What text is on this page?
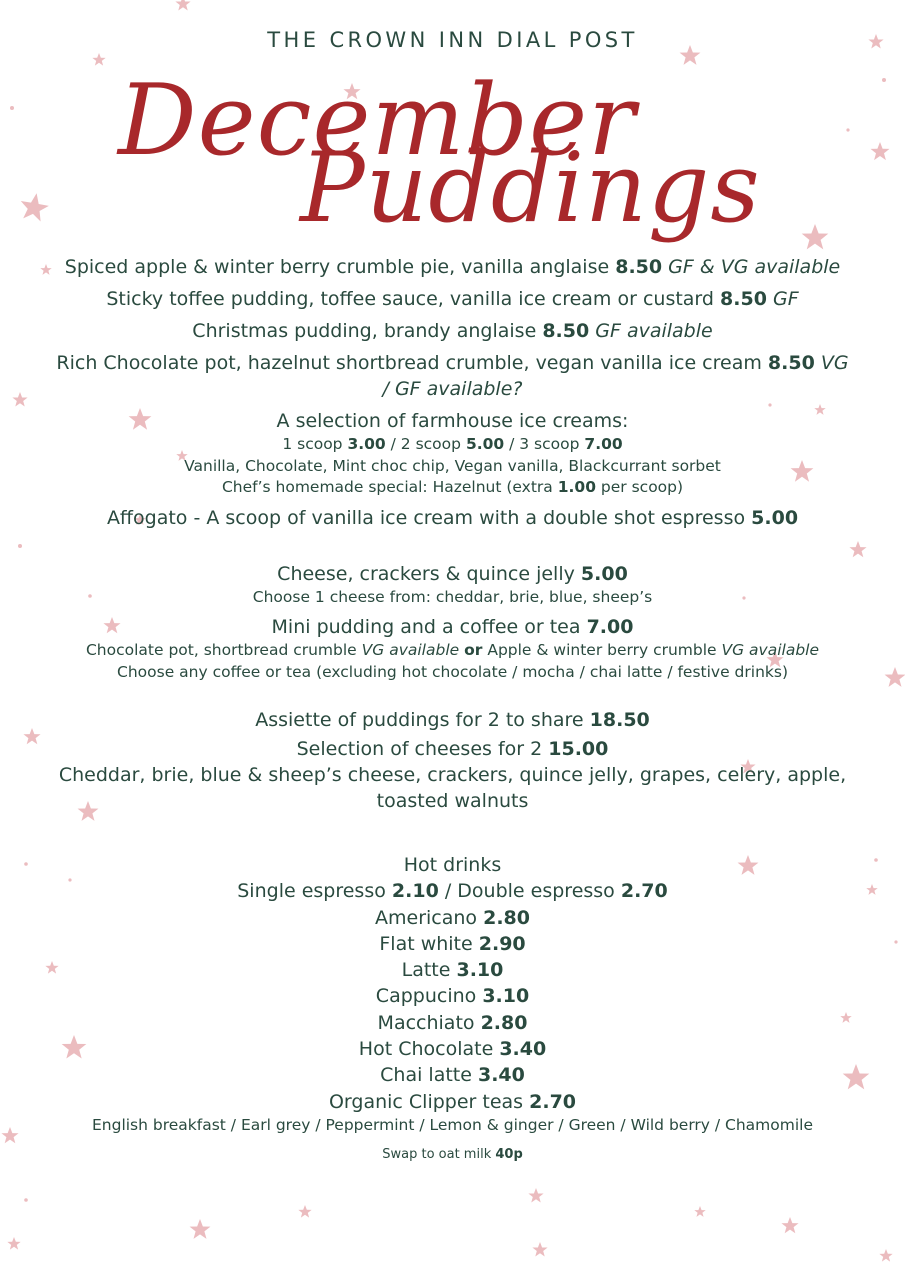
THE CROWN INN DIAL POST
December
Puddings
Spiced apple & winter berry crumble pie, vanilla anglaise 8.50 GF & VG available
Sticky toffee pudding, toffee sauce, vanilla ice cream or custard 8.50 GF
Christmas pudding, brandy anglaise 8.50 GF available
Rich Chocolate pot, hazelnut shortbread crumble, vegan vanilla ice cream 8.50 VG / GF available?
A selection of farmhouse ice creams:
1 scoop 3.00 / 2 scoop 5.00 / 3 scoop 7.00
Vanilla, Chocolate, Mint choc chip, Vegan vanilla, Blackcurrant sorbet
Chef’s homemade special: Hazelnut (extra 1.00 per scoop)
Affogato - A scoop of vanilla ice cream with a double shot espresso 5.00
Cheese, crackers & quince jelly 5.00
Choose 1 cheese from: cheddar, brie, blue, sheep’s
Mini pudding and a coffee or tea 7.00
Chocolate pot, shortbread crumble VG available or Apple & winter berry crumble VG available
Choose any coffee or tea (excluding hot chocolate / mocha / chai latte / festive drinks)
Assiette of puddings for 2 to share 18.50
Selection of cheeses for 2 15.00
Cheddar, brie, blue & sheep’s cheese, crackers, quince jelly, grapes, celery, apple, toasted walnuts
Hot drinks
Single espresso 2.10 / Double espresso 2.70
Americano 2.80
Flat white 2.90
Latte 3.10
Cappucino 3.10
Macchiato 2.80
Hot Chocolate 3.40
Chai latte 3.40
Organic Clipper teas 2.70
English breakfast / Earl grey / Peppermint / Lemon & ginger / Green / Wild berry / Chamomile
Swap to oat milk 40p
